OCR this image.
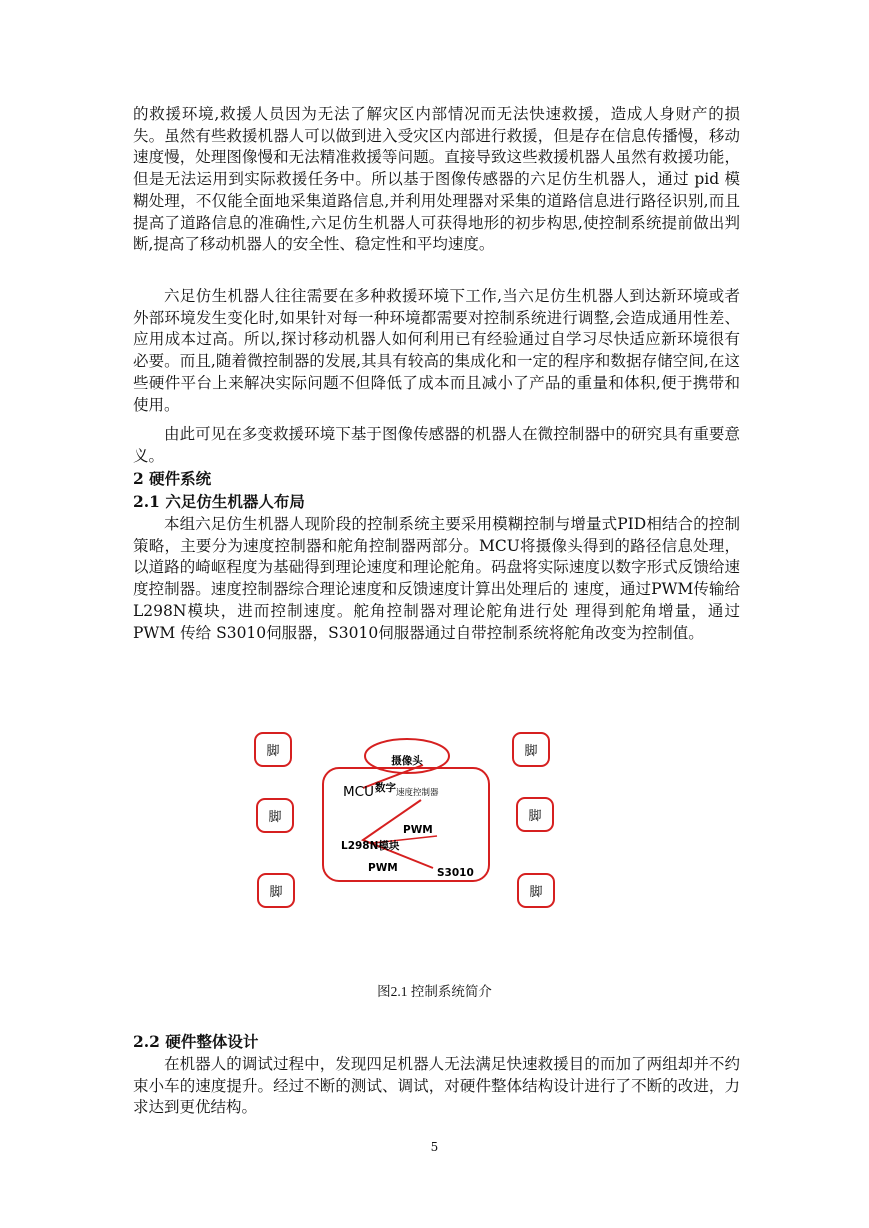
的救援环境,救援人员因为无法了解灾区内部情况而无法快速救援，造成人身财产的损失。虽然有些救援机器人可以做到进入受灾区内部进行救援，但是存在信息传播慢，移动速度慢，处理图像慢和无法精准救援等问题。直接导致这些救援机器人虽然有救援功能，但是无法运用到实际救援任务中。所以基于图像传感器的六足仿生机器人，通过 pid 模糊处理，不仅能全面地采集道路信息,并利用处理器对采集的道路信息进行路径识别,而且提高了道路信息的准确性,六足仿生机器人可获得地形的初步构思,使控制系统提前做出判断,提高了移动机器人的安全性、稳定性和平均速度。

六足仿生机器人往往需要在多种救援环境下工作,当六足仿生机器人到达新环境或者外部环境发生变化时,如果针对每一种环境都需要对控制系统进行调整,会造成通用性差、应用成本过高。所以,探讨移动机器人如何利用已有经验通过自学习尽快适应新环境很有必要。而且,随着微控制器的发展,其具有较高的集成化和一定的程序和数据存储空间,在这些硬件平台上来解决实际问题不但降低了成本而且减小了产品的重量和体积,便于携带和使用。

由此可见在多变救援环境下基于图像传感器的机器人在微控制器中的研究具有重要意义。

2 硬件系统

2.1 六足仿生机器人布局

本组六足仿生机器人现阶段的控制系统主要采用模糊控制与增量式PID相结合的控制策略，主要分为速度控制器和舵角控制器两部分。MCU将摄像头得到的路径信息处理，以道路的崎岖程度为基础得到理论速度和理论舵角。码盘将实际速度以数字形式反馈给速度控制器。速度控制器综合理论速度和反馈速度计算出处理后的 速度，通过PWM传输给L298N模块，进而控制速度。舵角控制器对理论舵角进行处 理得到舵角增量，通过PWM 传给 S3010伺服器，S3010伺服器通过自带控制系统将舵角改变为控制值。

脚
脚
脚
脚
脚
脚
摄像头
MCU 数字 速度控制器
PWM
L298N模块
PWM	S3010
图2.1 控制系统简介

2.2 硬件整体设计

在机器人的调试过程中，发现四足机器人无法满足快速救援目的而加了两组却并不约束小车的速度提升。经过不断的测试、调试，对硬件整体结构设计进行了不断的改进，力求达到更优结构。

5
